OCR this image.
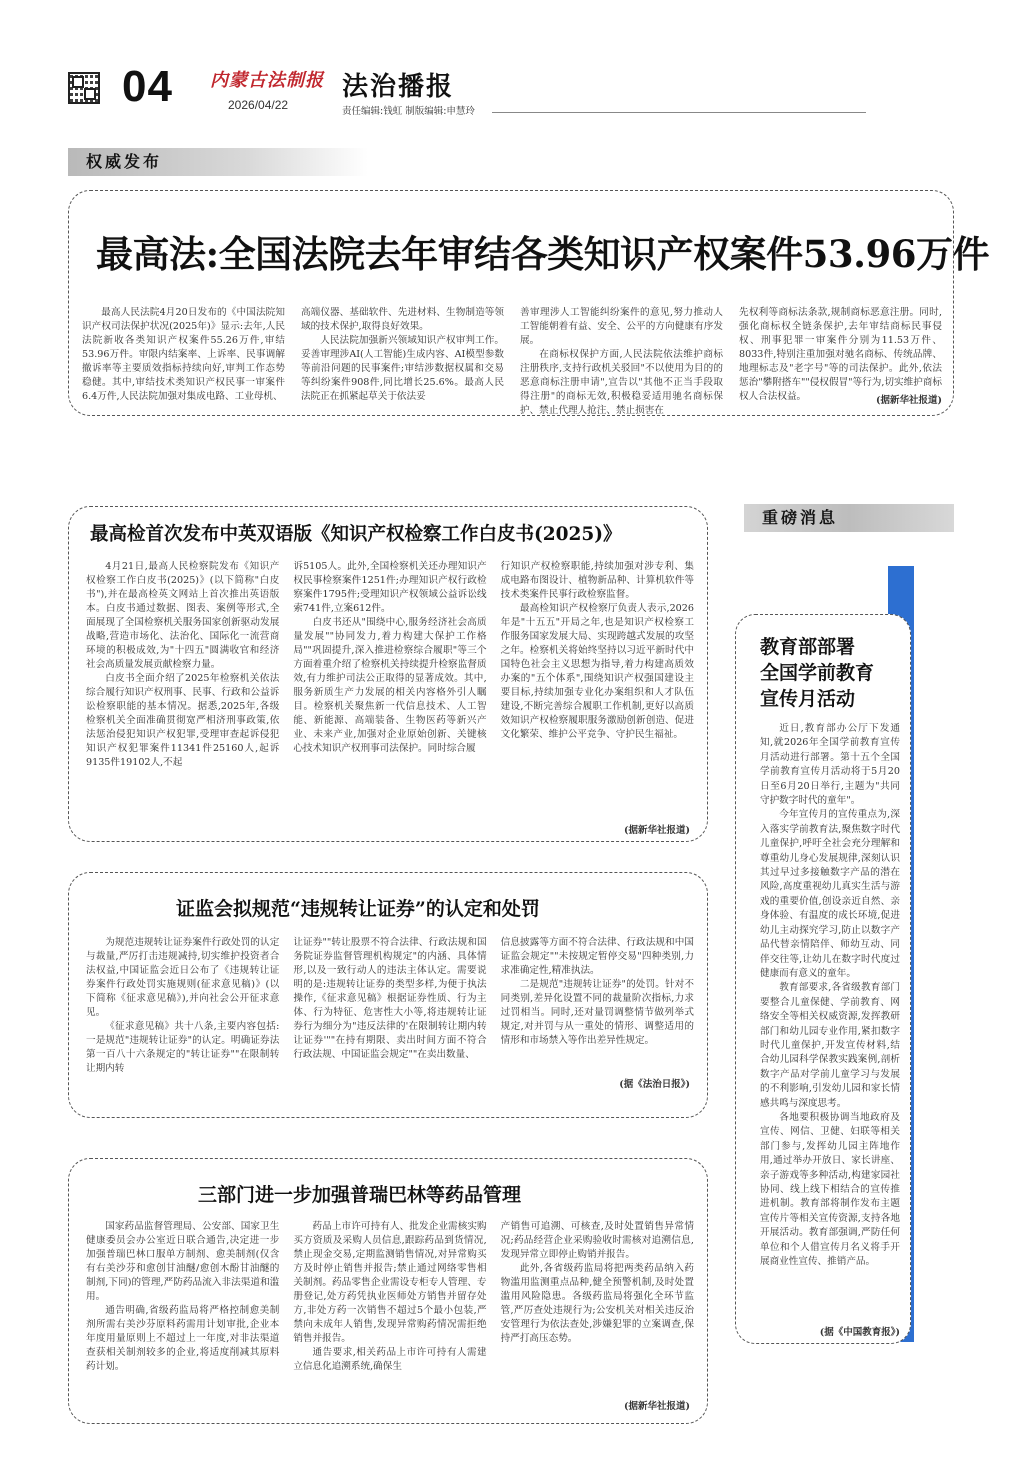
04 内蒙古法制报
2026/04/22
法治播报
责任编辑:钱虹 制版编辑:申慧玲
权威发布
最高法:全国法院去年审结各类知识产权案件53.96万件

最高人民法院4月20日发布的《中国法院知识产权司法保护状况(2025年)》显示:去年,人民法院新收各类知识产权案件55.26万件,审结53.96万件。审限内结案率、上诉率、民事调解撤诉率等主要质效指标持续向好,审判工作态势稳健。其中,审结技术类知识产权民事一审案件6.4万件,人民法院加强对集成电路、工业母机、

高端仪器、基础软件、先进材料、生物制造等领域的技术保护,取得良好效果。

人民法院加强新兴领域知识产权审判工作。妥善审理涉AI(人工智能)生成内容、AI模型参数等前沿问题的民事案件;审结涉数据权属和交易等纠纷案件908件,同比增长25.6%。最高人民法院正在抓紧起草关于依法妥

善审理涉人工智能纠纷案件的意见,努力推动人工智能朝着有益、安全、公平的方向健康有序发展。

在商标权保护方面,人民法院依法维护商标注册秩序,支持行政机关驳回"不以使用为目的的恶意商标注册申请",宣告以"其他不正当手段取得注册"的商标无效,积极稳妥适用驰名商标保护、禁止代理人抢注、禁止损害在

先权利等商标法条款,规制商标恶意注册。同时,强化商标权全链条保护,去年审结商标民事侵权、刑事犯罪一审案件分别为11.53万件、8033件,特别注重加强对驰名商标、传统品牌、地理标志及"老字号"等的司法保护。此外,依法惩治"攀附搭车""侵权假冒"等行为,切实维护商标权人合法权益。	(据新华社报道)
重磅消息
最高检首次发布中英双语版《知识产权检察工作白皮书(2025)》

4月21日,最高人民检察院发布《知识产权检察工作白皮书(2025)》(以下简称"白皮书"),并在最高检英文网站上首次推出英语版本。白皮书通过数据、图表、案例等形式,全面展现了全国检察机关服务国家创新驱动发展战略,营造市场化、法治化、国际化一流营商环境的积极成效,为"十四五"圆满收官和经济社会高质量发展贡献检察力量。

白皮书全面介绍了2025年检察机关依法综合履行知识产权刑事、民事、行政和公益诉讼检察职能的基本情况。据悉,2025年,各级检察机关全面准确贯彻宽严相济刑事政策,依法惩治侵犯知识产权犯罪,受理审查起诉侵犯知识产权犯罪案件11341件25160人,起诉9135件19102人,不起

诉5105人。此外,全国检察机关还办理知识产权民事检察案件1251件;办理知识产权行政检察案件1795件;受理知识产权领域公益诉讼线索741件,立案612件。

白皮书还从"围绕中心,服务经济社会高质量发展""协同发力,着力构建大保护工作格局""巩固提升,深入推进检察综合履职"等三个方面着重介绍了检察机关持续提升检察监督质效,有力维护司法公正取得的显著成效。其中,服务新质生产力发展的相关内容格外引人瞩目。检察机关聚焦新一代信息技术、人工智能、新能源、高端装备、生物医药等新兴产业、未来产业,加强对企业原始创新、关键核心技术知识产权刑事司法保护。同时综合履

行知识产权检察职能,持续加强对涉专利、集成电路布图设计、植物新品种、计算机软件等技术类案件民事行政检察监督。

最高检知识产权检察厅负责人表示,2026年是"十五五"开局之年,也是知识产权检察工作服务国家发展大局、实现跨越式发展的攻坚之年。检察机关将始终坚持以习近平新时代中国特色社会主义思想为指导,着力构建高质效办案的"五个体系",围绕知识产权强国建设主要目标,持续加强专业化办案组织和人才队伍建设,不断完善综合履职工作机制,更好以高质效知识产权检察履职服务激励创新创造、促进文化繁荣、维护公平竞争、守护民生福祉。

(据新华社报道)
证监会拟规范“违规转让证券”的认定和处罚

为规范违规转让证券案件行政处罚的认定与裁量,严厉打击违规减持,切实维护投资者合法权益,中国证监会近日公布了《违规转让证券案件行政处罚实施规则(征求意见稿)》(以下简称《征求意见稿》),并向社会公开征求意见。

《征求意见稿》共十八条,主要内容包括:一是规范"违规转让证券"的认定。明确证券法第一百八十六条规定的"转让证券""在限制转让期内转

让证券""转让股票不符合法律、行政法规和国务院证券监督管理机构规定"的内涵、具体情形,以及一致行动人的违法主体认定。需要说明的是:违规转让证券的类型多样,为便于执法操作,《征求意见稿》根据证券性质、行为主体、行为特征、危害性大小等,将违规转让证券行为细分为"违反法律的'在限制转让期内转让证券'""在持有期限、卖出时间方面不符合行政法规、中国证监会规定""在卖出数量、

信息披露等方面不符合法律、行政法规和中国证监会规定""未按规定暂停交易"四种类别,力求准确定性,精准执法。

二是规范"违规转让证券"的处罚。针对不同类别,差异化设置不同的裁量阶次指标,力求过罚相当。同时,还对量罚调整情节做列举式规定,对并罚与从一重处的情形、调整适用的情形和市场禁入等作出差异性规定。

(据《法治日报》)
三部门进一步加强普瑞巴林等药品管理

国家药品监督管理局、公安部、国家卫生健康委员会办公室近日联合通告,决定进一步加强普瑞巴林口服单方制剂、愈美制剂(仅含有右美沙芬和愈创甘油醚/愈创木酚甘油醚的制剂,下同)的管理,严防药品流入非法渠道和滥用。

通告明确,省级药监局将严格控制愈美制剂所需右美沙芬原料药需用计划审批,企业本年度用量原则上不超过上一年度,对非法渠道查获相关制剂较多的企业,将适度削减其原料药计划。

药品上市许可持有人、批发企业需核实购买方资质及采购人员信息,跟踪药品到货情况,禁止现金交易,定期监测销售情况,对异常购买方及时停止销售并报告;禁止通过网络零售相关制剂。药品零售企业需设专柜专人管理、专册登记,处方药凭执业医师处方销售并留存处方,非处方药一次销售不超过5个最小包装,严禁向未成年人销售,发现异常购药情况需拒绝销售并报告。

通告要求,相关药品上市许可持有人需建立信息化追溯系统,确保生

产销售可追溯、可核查,及时处置销售异常情况;药品经营企业采购验收时需核对追溯信息,发现异常立即停止购销并报告。

此外,各省级药监局将把两类药品纳入药物滥用监测重点品种,健全预警机制,及时处置滥用风险隐患。各级药监局将强化全环节监管,严厉查处违规行为;公安机关对相关违反治安管理行为依法查处,涉嫌犯罪的立案调查,保持严打高压态势。

(据新华社报道)
教育部部署
全国学前教育
宣传月活动

近日,教育部办公厅下发通知,就2026年全国学前教育宣传月活动进行部署。第十五个全国学前教育宣传月活动将于5月20日至6月20日举行,主题为"共同守护数字时代的童年"。

今年宣传月的宣传重点为,深入落实学前教育法,聚焦数字时代儿童保护,呼吁全社会充分理解和尊重幼儿身心发展规律,深刻认识其过早过多接触数字产品的潜在风险,高度重视幼儿真实生活与游戏的重要价值,创设亲近自然、亲身体验、有温度的成长环境,促进幼儿主动探究学习,防止以数字产品代替亲情陪伴、师幼互动、同伴交往等,让幼儿在数字时代度过健康而有意义的童年。

教育部要求,各省级教育部门要整合儿童保健、学前教育、网络安全等相关权威资源,发挥教研部门和幼儿园专业作用,紧扣数字时代儿童保护,开发宣传材料,结合幼儿园科学保教实践案例,剖析数字产品对学前儿童学习与发展的不利影响,引发幼儿园和家长情感共鸣与深度思考。

各地要积极协调当地政府及宣传、网信、卫健、妇联等相关部门参与,发挥幼儿园主阵地作用,通过举办开放日、家长讲座、亲子游戏等多种活动,构建家园社协同、线上线下相结合的宣传推进机制。教育部将制作发布主题宣传片等相关宣传资源,支持各地开展活动。教育部强调,严防任何单位和个人借宣传月名义将手开展商业性宣传、推销产品。

(据《中国教育报》)
